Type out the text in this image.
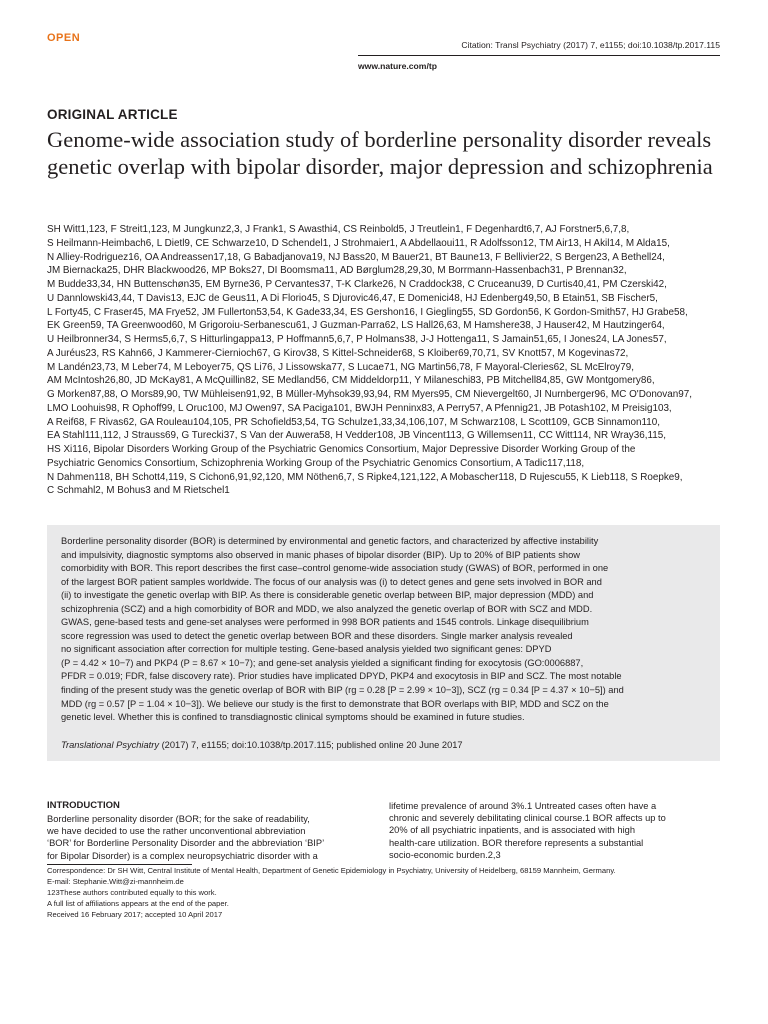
OPEN
Citation: Transl Psychiatry (2017) 7, e1155; doi:10.1038/tp.2017.115
www.nature.com/tp
ORIGINAL ARTICLE
Genome-wide association study of borderline personality disorder reveals genetic overlap with bipolar disorder, major depression and schizophrenia
SH Witt1,123, F Streit1,123, M Jungkunz2,3, J Frank1, S Awasthi4, CS Reinbold5, J Treutlein1, F Degenhardt6,7, AJ Forstner5,6,7,8,
S Heilmann-Heimbach6, L Dietl9, CE Schwarze10, D Schendel1, J Strohmaier1, A Abdellaoui11, R Adolfsson12, TM Air13, H Akil14, M Alda15,
N Alliey-Rodriguez16, OA Andreassen17,18, G Babadjanova19, NJ Bass20, M Bauer21, BT Baune13, F Bellivier22, S Bergen23, A Bethell24,
JM Biernacka25, DHR Blackwood26, MP Boks27, DI Boomsma11, AD Børglum28,29,30, M Borrmann-Hassenbach31, P Brennan32,
M Budde33,34, HN Buttenschøn35, EM Byrne36, P Cervantes37, T-K Clarke26, N Craddock38, C Cruceanu39, D Curtis40,41, PM Czerski42,
U Dannlowski43,44, T Davis13, EJC de Geus11, A Di Florio45, S Djurovic46,47, E Domenici48, HJ Edenberg49,50, B Etain51, SB Fischer5,
L Forty45, C Fraser45, MA Frye52, JM Fullerton53,54, K Gade33,34, ES Gershon16, I Giegling55, SD Gordon56, K Gordon-Smith57, HJ Grabe58,
EK Green59, TA Greenwood60, M Grigoroiu-Serbanescu61, J Guzman-Parra62, LS Hall26,63, M Hamshere38, J Hauser42, M Hautzinger64,
U Heilbronner34, S Herms5,6,7, S Hitturlingappa13, P Hoffmann5,6,7, P Holmans38, J-J Hottenga11, S Jamain51,65, I Jones24, LA Jones57,
A Juréus23, RS Kahn66, J Kammerer-Ciernioch67, G Kirov38, S Kittel-Schneider68, S Kloiber69,70,71, SV Knott57, M Kogevinas72,
M Landén23,73, M Leber74, M Leboyer75, QS Li76, J Lissowska77, S Lucae71, NG Martin56,78, F Mayoral-Cleries62, SL McElroy79,
AM McIntosh26,80, JD McKay81, A McQuillin82, SE Medland56, CM Middeldorp11, Y Milaneschi83, PB Mitchell84,85, GW Montgomery86,
G Morken87,88, O Mors89,90, TW Mühleisen91,92, B Müller-Myhsok39,93,94, RM Myers95, CM Nievergelt60, JI Nurnberger96, MC O'Donovan97,
LMO Loohuis98, R Ophoff99, L Oruc100, MJ Owen97, SA Paciga101, BWJH Penninx83, A Perry57, A Pfennig21, JB Potash102, M Preisig103,
A Reif68, F Rivas62, GA Rouleau104,105, PR Schofield53,54, TG Schulze1,33,34,106,107, M Schwarz108, L Scott109, GCB Sinnamon110,
EA Stahl111,112, J Strauss69, G Turecki37, S Van der Auwera58, H Vedder108, JB Vincent113, G Willemsen11, CC Witt114, NR Wray36,115,
HS Xi116, Bipolar Disorders Working Group of the Psychiatric Genomics Consortium, Major Depressive Disorder Working Group of the
Psychiatric Genomics Consortium, Schizophrenia Working Group of the Psychiatric Genomics Consortium, A Tadic117,118,
N Dahmen118, BH Schott4,119, S Cichon6,91,92,120, MM Nöthen6,7, S Ripke4,121,122, A Mobascher118, D Rujescu55, K Lieb118, S Roepke9,
C Schmahl2, M Bohus3 and M Rietschel1
Borderline personality disorder (BOR) is determined by environmental and genetic factors, and characterized by affective instability
and impulsivity, diagnostic symptoms also observed in manic phases of bipolar disorder (BIP). Up to 20% of BIP patients show
comorbidity with BOR. This report describes the first case–control genome-wide association study (GWAS) of BOR, performed in one
of the largest BOR patient samples worldwide. The focus of our analysis was (i) to detect genes and gene sets involved in BOR and
(ii) to investigate the genetic overlap with BIP. As there is considerable genetic overlap between BIP, major depression (MDD) and
schizophrenia (SCZ) and a high comorbidity of BOR and MDD, we also analyzed the genetic overlap of BOR with SCZ and MDD.
GWAS, gene-based tests and gene-set analyses were performed in 998 BOR patients and 1545 controls. Linkage disequilibrium
score regression was used to detect the genetic overlap between BOR and these disorders. Single marker analysis revealed
no significant association after correction for multiple testing. Gene-based analysis yielded two significant genes: DPYD
(P = 4.42 × 10−7) and PKP4 (P = 8.67 × 10−7); and gene-set analysis yielded a significant finding for exocytosis (GO:0006887,
PFDR = 0.019; FDR, false discovery rate). Prior studies have implicated DPYD, PKP4 and exocytosis in BIP and SCZ. The most notable
finding of the present study was the genetic overlap of BOR with BIP (rg = 0.28 [P = 2.99 × 10−3]), SCZ (rg = 0.34 [P = 4.37 × 10−5]) and
MDD (rg = 0.57 [P = 1.04 × 10−3]). We believe our study is the first to demonstrate that BOR overlaps with BIP, MDD and SCZ on the
genetic level. Whether this is confined to transdiagnostic clinical symptoms should be examined in future studies.
Translational Psychiatry (2017) 7, e1155; doi:10.1038/tp.2017.115; published online 20 June 2017
INTRODUCTION
Borderline personality disorder (BOR; for the sake of readability,
we have decided to use the rather unconventional abbreviation
‘BOR’ for Borderline Personality Disorder and the abbreviation ‘BIP’
for Bipolar Disorder) is a complex neuropsychiatric disorder with a
lifetime prevalence of around 3%.1 Untreated cases often have a
chronic and severely debilitating clinical course.1 BOR affects up to
20% of all psychiatric inpatients, and is associated with high
health-care utilization. BOR therefore represents a substantial
socio-economic burden.2,3
Correspondence: Dr SH Witt, Central Institute of Mental Health, Department of Genetic Epidemiology in Psychiatry, University of Heidelberg, 68159 Mannheim, Germany.
E-mail: Stephanie.Witt@zi-mannheim.de
123These authors contributed equally to this work.
A full list of affiliations appears at the end of the paper.
Received 16 February 2017; accepted 10 April 2017
